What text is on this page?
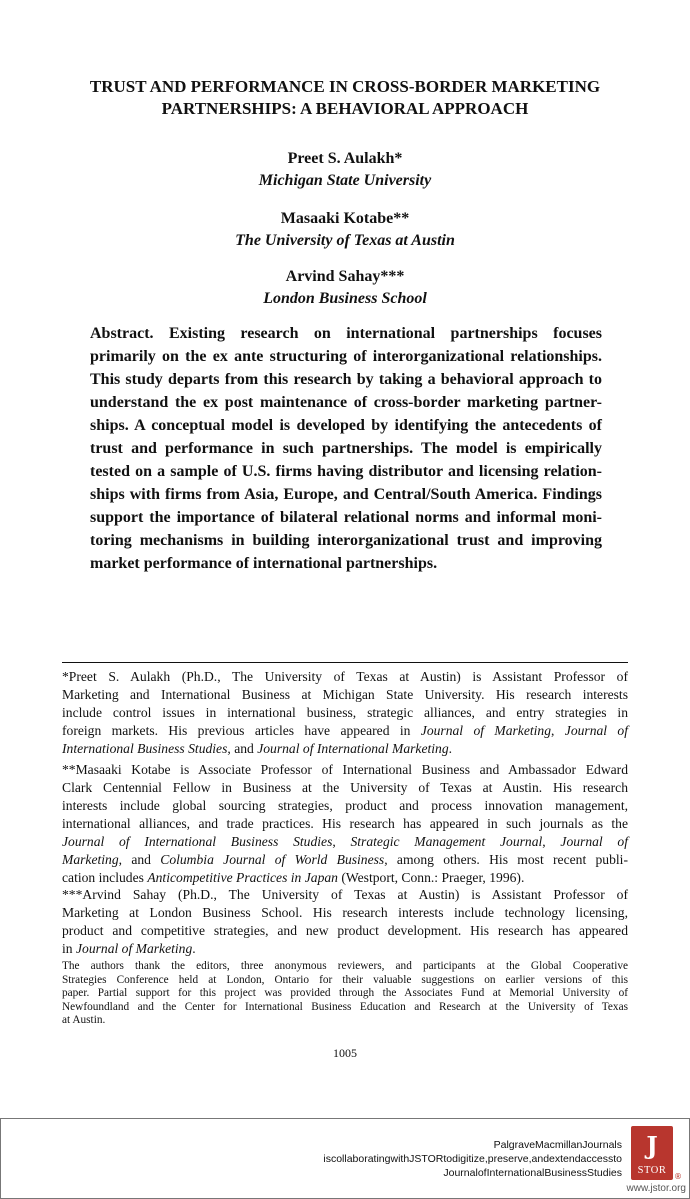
TRUST AND PERFORMANCE IN CROSS-BORDER MARKETING
PARTNERSHIPS: A BEHAVIORAL APPROACH
Preet S. Aulakh*
Michigan State University
Masaaki Kotabe**
The University of Texas at Austin
Arvind Sahay***
London Business School
Abstract. Existing research on international partnerships focuses
primarily on the ex ante structuring of interorganizational relationships.
This study departs from this research by taking a behavioral approach to
understand the ex post maintenance of cross-border marketing partner-
ships. A conceptual model is developed by identifying the antecedents of
trust and performance in such partnerships. The model is empirically
tested on a sample of U.S. firms having distributor and licensing relation-
ships with firms from Asia, Europe, and Central/South America. Findings
support the importance of bilateral relational norms and informal moni-
toring mechanisms in building interorganizational trust and improving
market performance of international partnerships.
*Preet S. Aulakh (Ph.D., The University of Texas at Austin) is Assistant Professor of
Marketing and International Business at Michigan State University. His research interests
include control issues in international business, strategic alliances, and entry strategies in
foreign markets. His previous articles have appeared in Journal of Marketing, Journal of
International Business Studies, and Journal of International Marketing.
**Masaaki Kotabe is Associate Professor of International Business and Ambassador Edward
Clark Centennial Fellow in Business at the University of Texas at Austin. His research
interests include global sourcing strategies, product and process innovation management,
international alliances, and trade practices. His research has appeared in such journals as the
Journal of International Business Studies, Strategic Management Journal, Journal of
Marketing, and Columbia Journal of World Business, among others. His most recent publi-
cation includes Anticompetitive Practices in Japan (Westport, Conn.: Praeger, 1996).
***Arvind Sahay (Ph.D., The University of Texas at Austin) is Assistant Professor of
Marketing at London Business School. His research interests include technology licensing,
product and competitive strategies, and new product development. His research has appeared
in Journal of Marketing.
The authors thank the editors, three anonymous reviewers, and participants at the Global Cooperative
Strategies Conference held at London, Ontario for their valuable suggestions on earlier versions of this
paper. Partial support for this project was provided through the Associates Fund at Memorial University of
Newfoundland and the Center for International Business Education and Research at the University of Texas
at Austin.
1005
PalgraveMacmillanJournals
iscollaboratingwithJSTORtodigitize,preserve,andextendaccessto
JournalofInternationalBusinessStudies
J
STOR
®
www.jstor.org
